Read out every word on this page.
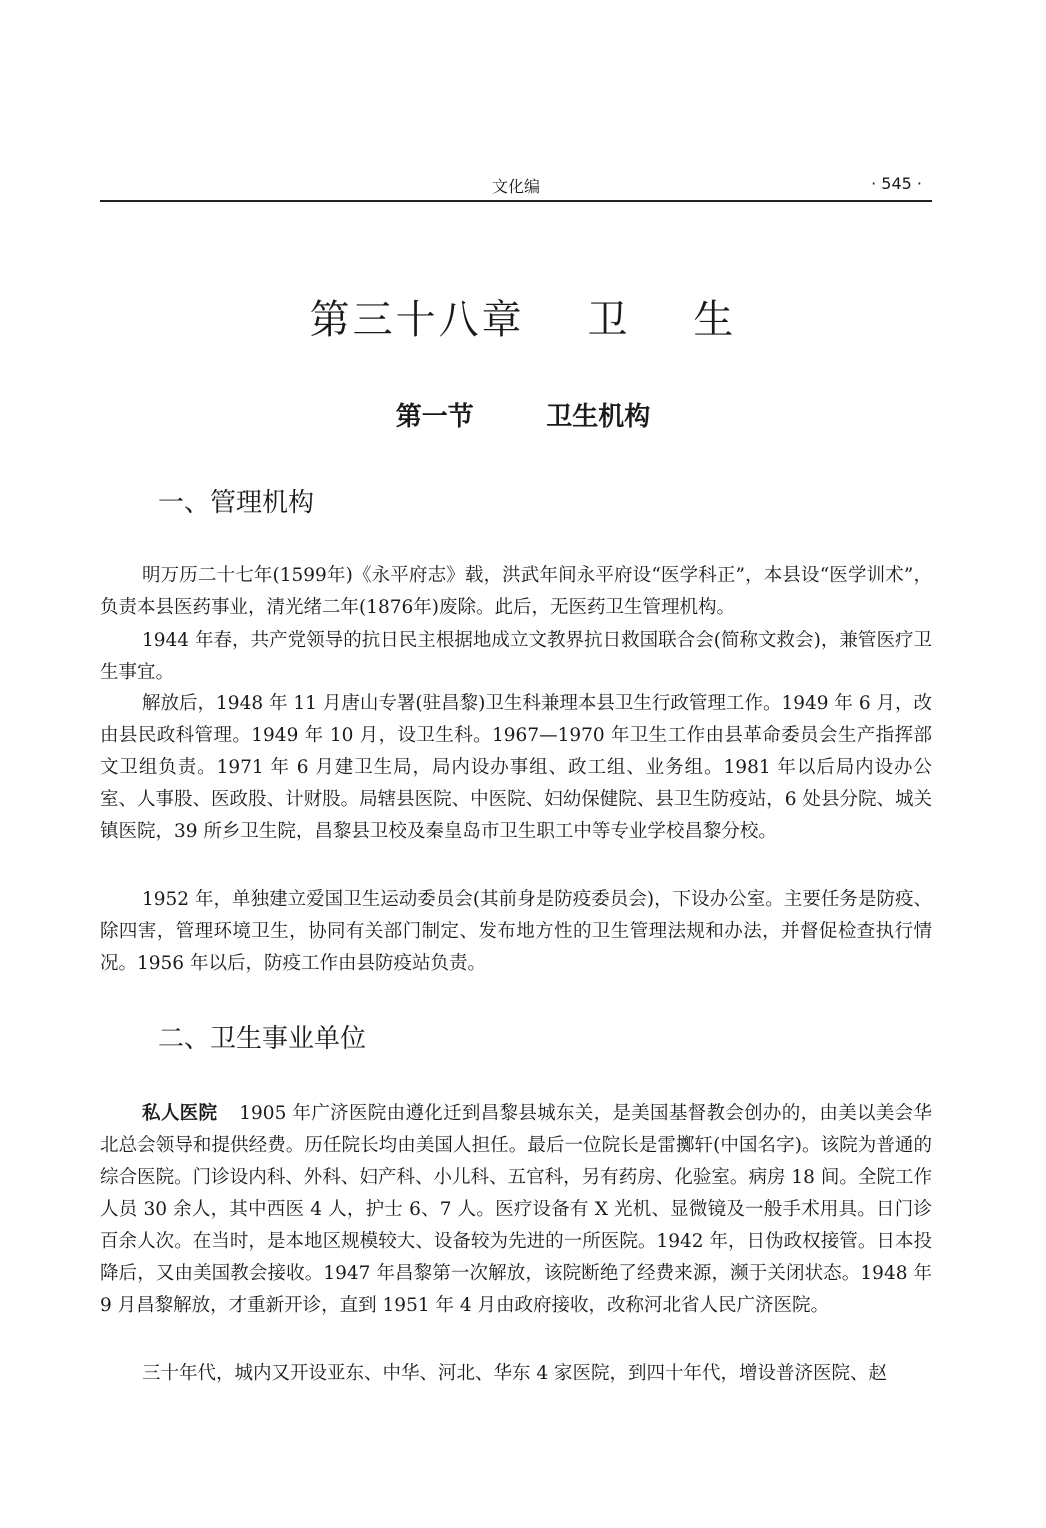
文化编	· 545 ·
第三十八章    卫    生
第一节        卫生机构
一、管理机构

明万历二十七年(1599年)《永平府志》载，洪武年间永平府设“医学科正”，本县设“医学训术”，负责本县医药事业，清光绪二年(1876年)废除。此后，无医药卫生管理机构。

1944 年春，共产党领导的抗日民主根据地成立文教界抗日救国联合会(简称文救会)，兼管医疗卫生事宜。

解放后，1948 年 11 月唐山专署(驻昌黎)卫生科兼理本县卫生行政管理工作。1949 年 6 月，改由县民政科管理。1949 年 10 月，设卫生科。1967—1970 年卫生工作由县革命委员会生产指挥部文卫组负责。1971 年 6 月建卫生局，局内设办事组、政工组、业务组。1981 年以后局内设办公室、人事股、医政股、计财股。局辖县医院、中医院、妇幼保健院、县卫生防疫站，6 处县分院、城关镇医院，39 所乡卫生院，昌黎县卫校及秦皇岛市卫生职工中等专业学校昌黎分校。

1952 年，单独建立爱国卫生运动委员会(其前身是防疫委员会)，下设办公室。主要任务是防疫、除四害，管理环境卫生，协同有关部门制定、发布地方性的卫生管理法规和办法，并督促检查执行情况。1956 年以后，防疫工作由县防疫站负责。

二、卫生事业单位

私人医院 1905 年广济医院由遵化迁到昌黎县城东关，是美国基督教会创办的，由美以美会华北总会领导和提供经费。历任院长均由美国人担任。最后一位院长是雷擲轩(中国名字)。该院为普通的综合医院。门诊设内科、外科、妇产科、小儿科、五官科，另有药房、化验室。病房 18 间。全院工作人员 30 余人，其中西医 4 人，护士 6、7 人。医疗设备有 X 光机、显微镜及一般手术用具。日门诊百余人次。在当时，是本地区规模较大、设备较为先进的一所医院。1942 年，日伪政权接管。日本投降后，又由美国教会接收。1947 年昌黎第一次解放，该院断绝了经费来源，濒于关闭状态。1948 年 9 月昌黎解放，才重新开诊，直到 1951 年 4 月由政府接收，改称河北省人民广济医院。

三十年代，城内又开设亚东、中华、河北、华东 4 家医院，到四十年代，增设普济医院、赵
